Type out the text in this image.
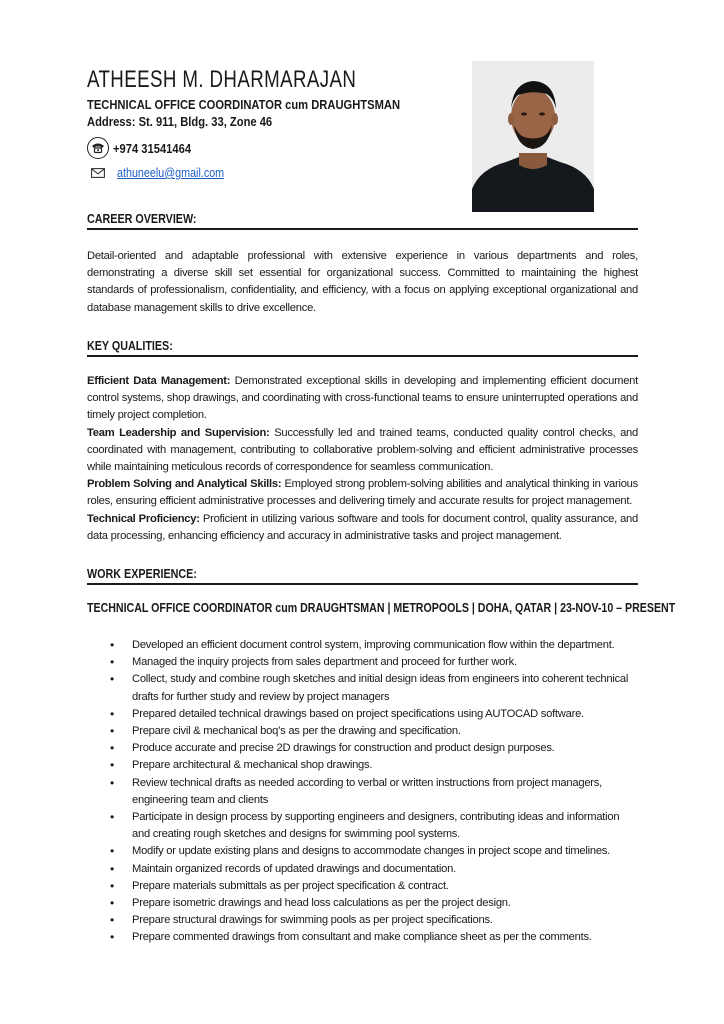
ATHEESH M. DHARMARAJAN
TECHNICAL OFFICE COORDINATOR cum DRAUGHTSMAN
Address: St. 911, Bldg. 33, Zone 46
+974 31541464
athuneelu@gmail.com
CAREER OVERVIEW:
Detail-oriented and adaptable professional with extensive experience in various departments and roles, demonstrating a diverse skill set essential for organizational success. Committed to maintaining the highest standards of professionalism, confidentiality, and efficiency, with a focus on applying exceptional organizational and database management skills to drive excellence.
KEY QUALITIES:
Efficient Data Management: Demonstrated exceptional skills in developing and implementing efficient document control systems, shop drawings, and coordinating with cross-functional teams to ensure uninterrupted operations and timely project completion.
Team Leadership and Supervision: Successfully led and trained teams, conducted quality control checks, and coordinated with management, contributing to collaborative problem-solving and efficient administrative processes while maintaining meticulous records of correspondence for seamless communication.
Problem Solving and Analytical Skills: Employed strong problem-solving abilities and analytical thinking in various roles, ensuring efficient administrative processes and delivering timely and accurate results for project management.
Technical Proficiency: Proficient in utilizing various software and tools for document control, quality assurance, and data processing, enhancing efficiency and accuracy in administrative tasks and project management.
WORK EXPERIENCE:
TECHNICAL OFFICE COORDINATOR cum DRAUGHTSMAN | METROPOOLS | DOHA, QATAR | 23-NOV-10 – PRESENT
• Developed an efficient document control system, improving communication flow within the department.
• Managed the inquiry projects from sales department and proceed for further work.
• Collect, study and combine rough sketches and initial design ideas from engineers into coherent technical drafts for further study and review by project managers
• Prepared detailed technical drawings based on project specifications using AUTOCAD software.
• Prepare civil & mechanical boq’s as per the drawing and specification.
• Produce accurate and precise 2D drawings for construction and product design purposes.
• Prepare architectural & mechanical shop drawings.
• Review technical drafts as needed according to verbal or written instructions from project managers, engineering team and clients
• Participate in design process by supporting engineers and designers, contributing ideas and information and creating rough sketches and designs for swimming pool systems.
• Modify or update existing plans and designs to accommodate changes in project scope and timelines.
• Maintain organized records of updated drawings and documentation.
• Prepare materials submittals as per project specification & contract.
• Prepare isometric drawings and head loss calculations as per the project design.
• Prepare structural drawings for swimming pools as per project specifications.
• Prepare commented drawings from consultant and make compliance sheet as per the comments.
